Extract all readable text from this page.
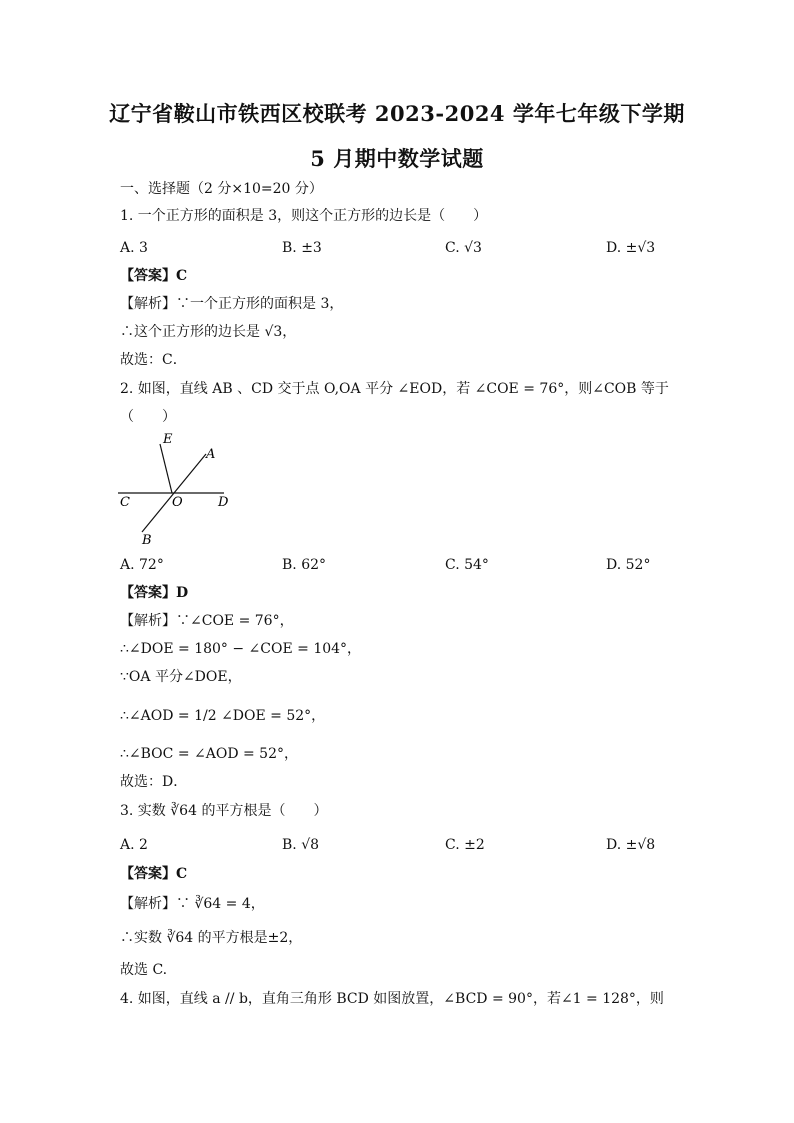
辽宁省鞍山市铁西区校联考 2023-2024 学年七年级下学期
5 月期中数学试题
一、选择题（2 分×10=20 分）
1. 一个正方形的面积是 3，则这个正方形的边长是（　　）
A. 3	B. ±3	C. √3	D. ±√3
【答案】C
【解析】∵一个正方形的面积是 3，
∴这个正方形的边长是 √3，
故选：C．
2. 如图，直线 AB 、CD 交于点 O,OA 平分 ∠EOD，若 ∠COE = 76°，则∠COB 等于
（　　）
E
A
C	O	D
B
A. 72°	B. 62°	C. 54°	D. 52°
【答案】D
【解析】∵∠COE = 76°，
∴∠DOE = 180° − ∠COE = 104°，
∵OA 平分∠DOE，
∴∠AOD = 1/2 ∠DOE = 52°，
∴∠BOC = ∠AOD = 52°，
故选：D．
3. 实数 ∛64 的平方根是（　　）
A. 2	B. √8	C. ±2	D. ±√8
【答案】C
【解析】∵ ∛64 = 4，
∴实数 ∛64 的平方根是±2，
故选 C.
4. 如图，直线 a // b，直角三角形 BCD 如图放置，∠BCD = 90°，若∠1 = 128°，则
